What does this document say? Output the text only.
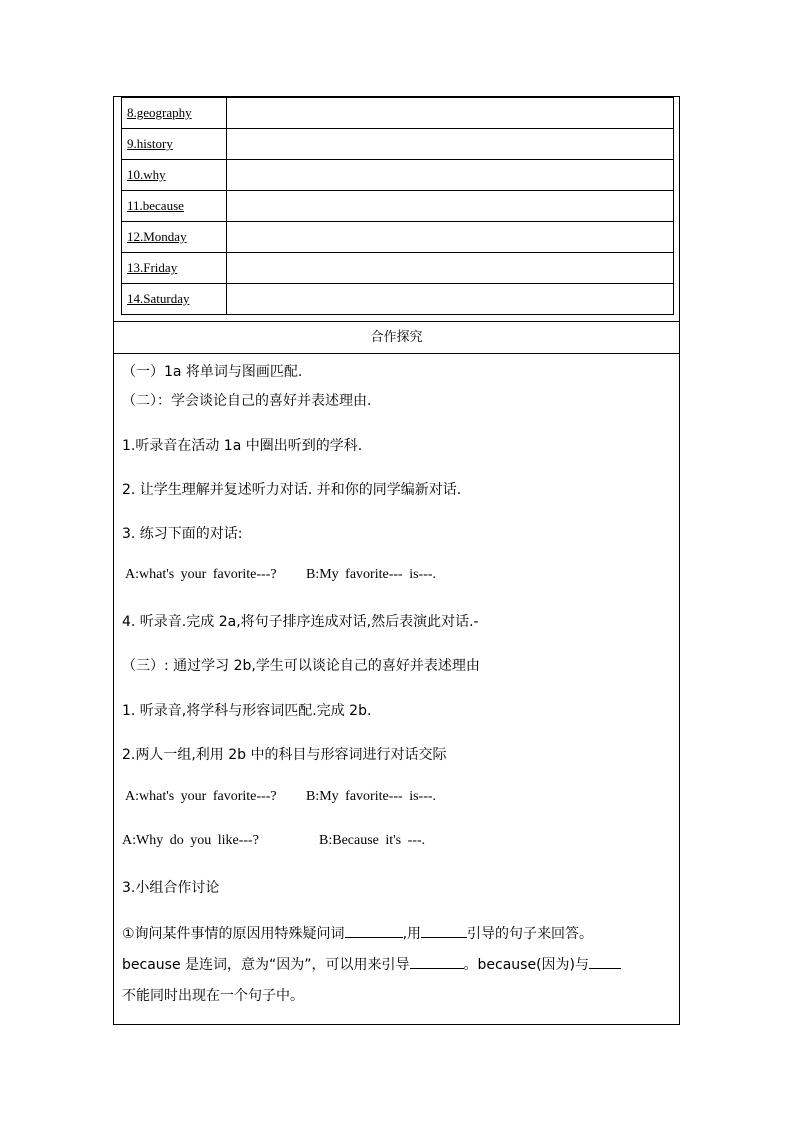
8.geography	
9.history	
10.why	
11.because	
12.Monday	
13.Friday	
14.Saturday	
合作探究
（一）1a 将单词与图画匹配.
（二）：学会谈论自己的喜好并表述理由.
1.听录音在活动 1a 中圈出听到的学科.
2. 让学生理解并复述听力对话. 并和你的同学编新对话.
3. 练习下面的对话:
A:what's your favorite---? B:My favorite--- is---.
4. 听录音.完成 2a,将句子排序连成对话,然后表演此对话.-
（三）: 通过学习 2b,学生可以谈论自己的喜好并表述理由
1. 听录音,将学科与形容词匹配.完成 2b.
2.两人一组,利用 2b 中的科目与形容词进行对话交际
A:what's your favorite---? B:My favorite--- is---.
A:Why do you like---?	B:Because it's ---.
3.小组合作讨论
①询问某件事情的原因用特殊疑问词	,用	引导的句子来回答。
because 是连词，意为“因为”，可以用来引导	。because(因为)与
不能同时出现在一个句子中。
